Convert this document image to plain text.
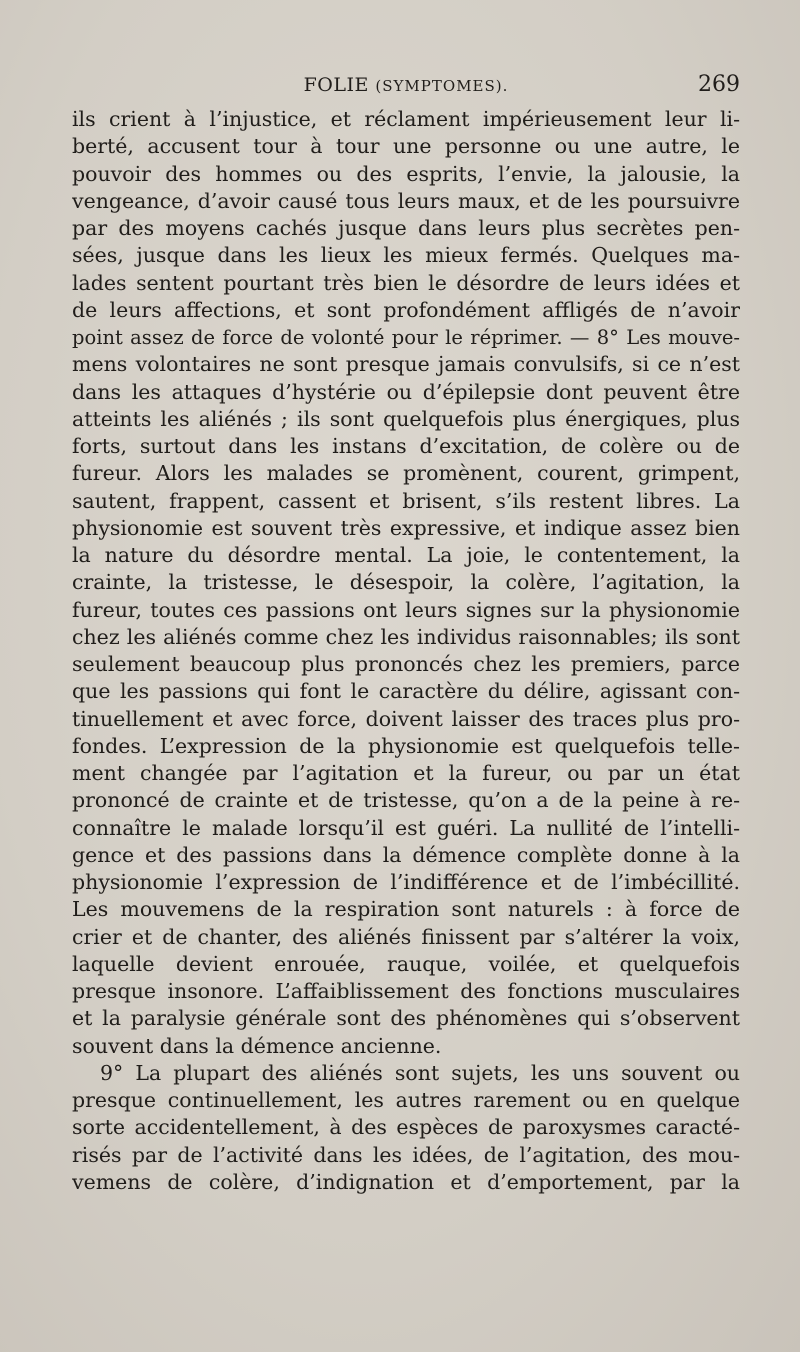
FOLIE (SYMPTOMES).	269
ils crient à l’injustice, et réclament impérieusement leur li-
berté, accusent tour à tour une personne ou une autre, le
pouvoir des hommes ou des esprits, l’envie, la jalousie, la
vengeance, d’avoir causé tous leurs maux, et de les poursuivre
par des moyens cachés jusque dans leurs plus secrètes pen-
sées, jusque dans les lieux les mieux fermés. Quelques ma-
lades sentent pourtant très bien le désordre de leurs idées et
de leurs affections, et sont profondément affligés de n’avoir
point assez de force de volonté pour le réprimer. — 8° Les mouve-
mens volontaires ne sont presque jamais convulsifs, si ce n’est
dans les attaques d’hystérie ou d’épilepsie dont peuvent être
atteints les aliénés ; ils sont quelquefois plus énergiques, plus
forts, surtout dans les instans d’excitation, de colère ou de
fureur. Alors les malades se promènent, courent, grimpent,
sautent, frappent, cassent et brisent, s’ils restent libres. La
physionomie est souvent très expressive, et indique assez bien
la nature du désordre mental. La joie, le contentement, la
crainte, la tristesse, le désespoir, la colère, l’agitation, la
fureur, toutes ces passions ont leurs signes sur la physionomie
chez les aliénés comme chez les individus raisonnables; ils sont
seulement beaucoup plus prononcés chez les premiers, parce
que les passions qui font le caractère du délire, agissant con-
tinuellement et avec force, doivent laisser des traces plus pro-
fondes. L’expression de la physionomie est quelquefois telle-
ment changée par l’agitation et la fureur, ou par un état
prononcé de crainte et de tristesse, qu’on a de la peine à re-
connaître le malade lorsqu’il est guéri. La nullité de l’intelli-
gence et des passions dans la démence complète donne à la
physionomie l’expression de l’indifférence et de l’imbécillité.
Les mouvemens de la respiration sont naturels : à force de
crier et de chanter, des aliénés finissent par s’altérer la voix,
laquelle devient enrouée, rauque, voilée, et quelquefois
presque insonore. L’affaiblissement des fonctions musculaires
et la paralysie générale sont des phénomènes qui s’observent
souvent dans la démence ancienne.
9° La plupart des aliénés sont sujets, les uns souvent ou
presque continuellement, les autres rarement ou en quelque
sorte accidentellement, à des espèces de paroxysmes caracté-
risés par de l’activité dans les idées, de l’agitation, des mou-
vemens de colère, d’indignation et d’emportement, par la
